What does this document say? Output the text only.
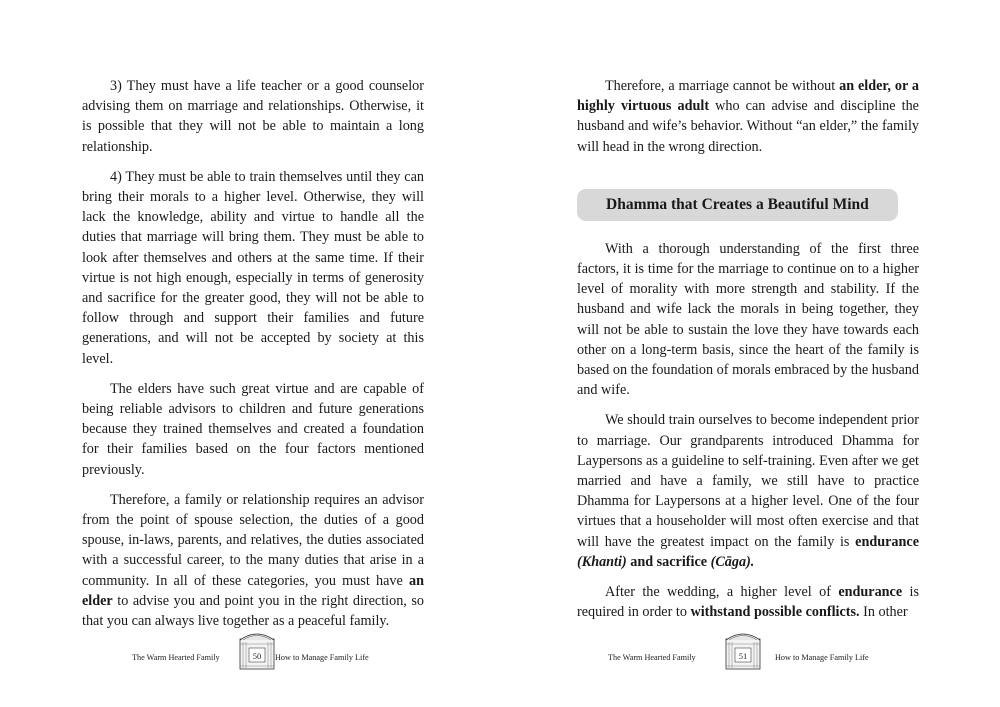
3) They must have a life teacher or a good counselor advising them on marriage and relationships. Otherwise, it is possible that they will not be able to maintain a long relationship.

4) They must be able to train themselves until they can bring their morals to a higher level. Otherwise, they will lack the knowledge, ability and virtue to handle all the duties that marriage will bring them. They must be able to look after themselves and others at the same time. If their virtue is not high enough, especially in terms of generosity and sacrifice for the greater good, they will not be able to follow through and support their families and future generations, and will not be accepted by society at this level.

The elders have such great virtue and are capable of being reliable advisors to children and future generations because they trained themselves and created a foundation for their families based on the four factors mentioned previously.

Therefore, a family or relationship requires an advisor from the point of spouse selection, the duties of a good spouse, in-laws, parents, and relatives, the duties associated with a successful career, to the many duties that arise in a community. In all of these categories, you must have an elder to advise you and point you in the right direction, so that you can always live together as a peaceful family.

The Warm Hearted Family	50	How to Manage Family Life

Therefore, a marriage cannot be without an elder, or a highly virtuous adult who can advise and discipline the husband and wife’s behavior. Without “an elder,” the family will head in the wrong direction.

Dhamma that Creates a Beautiful Mind

With a thorough understanding of the first three factors, it is time for the marriage to continue on to a higher level of morality with more strength and stability. If the husband and wife lack the morals in being together, they will not be able to sustain the love they have towards each other on a long-term basis, since the heart of the family is based on the foundation of morals embraced by the husband and wife.

We should train ourselves to become independent prior to marriage. Our grandparents introduced Dhamma for Laypersons as a guideline to self-training. Even after we get married and have a family, we still have to practice Dhamma for Laypersons at a higher level. One of the four virtues that a householder will most often exercise and that will have the greatest impact on the family is endurance (Khanti) and sacrifice (Cāga).

After the wedding, a higher level of endurance is required in order to withstand possible conflicts. In other

The Warm Hearted Family	51	How to Manage Family Life
